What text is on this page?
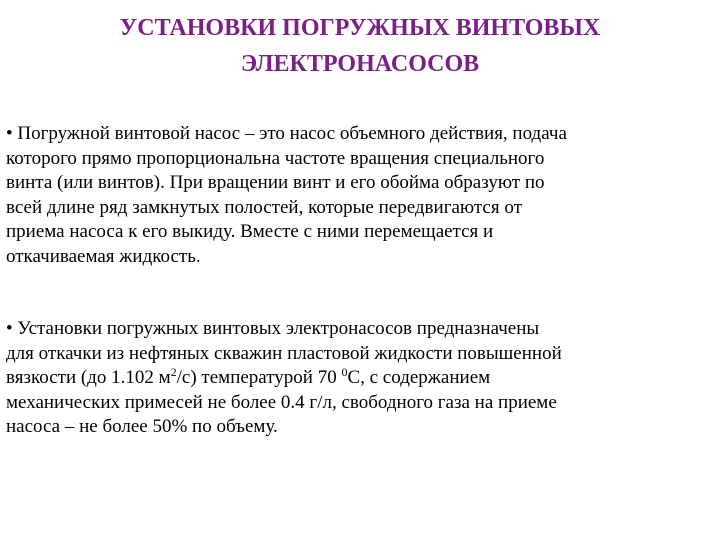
УСТАНОВКИ ПОГРУЖНЫХ ВИНТОВЫХ
ЭЛЕКТРОНАСОСОВ
• Погружной винтовой насос – это насос объемного действия, подача
которого прямо пропорциональна частоте вращения специального
винта (или винтов). При вращении винт и его обойма образуют по
всей длине ряд замкнутых полостей, которые передвигаются от
приема насоса к его выкиду. Вместе с ними перемещается и
откачиваемая жидкость.
• Установки погружных винтовых электронасосов предназначены
для откачки из нефтяных скважин пластовой жидкости повышенной
вязкости (до 1.102 $м^2/с$) температурой 70 $^0$С, с содержанием
механических примесей не более 0.4 г/л, свободного газа на приеме
насоса – не более 50% по объему.
